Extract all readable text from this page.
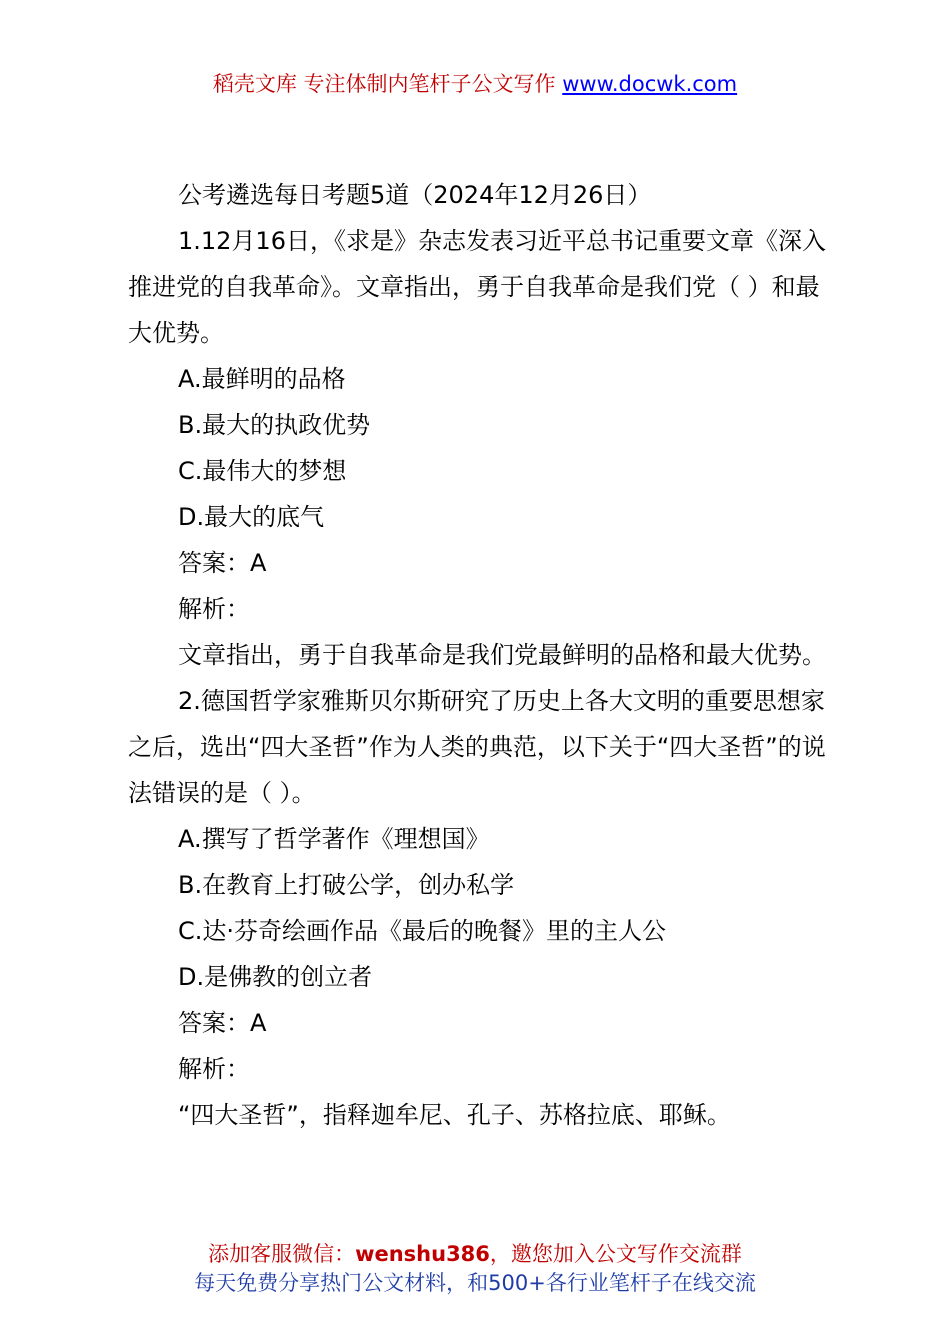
稻壳文库 专注体制内笔杆子公文写作 www.docwk.com

公考遴选每日考题5道（2024年12月26日）

1.12月16日，《求是》杂志发表习近平总书记重要文章《深入推进党的自我革命》。文章指出，勇于自我革命是我们党（ ）和最大优势。

A.最鲜明的品格

B.最大的执政优势

C.最伟大的梦想

D.最大的底气

答案：A

解析：

文章指出，勇于自我革命是我们党最鲜明的品格和最大优势。

2.德国哲学家雅斯贝尔斯研究了历史上各大文明的重要思想家之后，选出“四大圣哲”作为人类的典范，以下关于“四大圣哲”的说法错误的是（ ）。

A.撰写了哲学著作《理想国》

B.在教育上打破公学，创办私学

C.达·芬奇绘画作品《最后的晚餐》里的主人公

D.是佛教的创立者

答案：A

解析：

“四大圣哲”，指释迦牟尼、孔子、苏格拉底、耶稣。

添加客服微信：wenshu386，邀您加入公文写作交流群
每天免费分享热门公文材料，和500+各行业笔杆子在线交流
